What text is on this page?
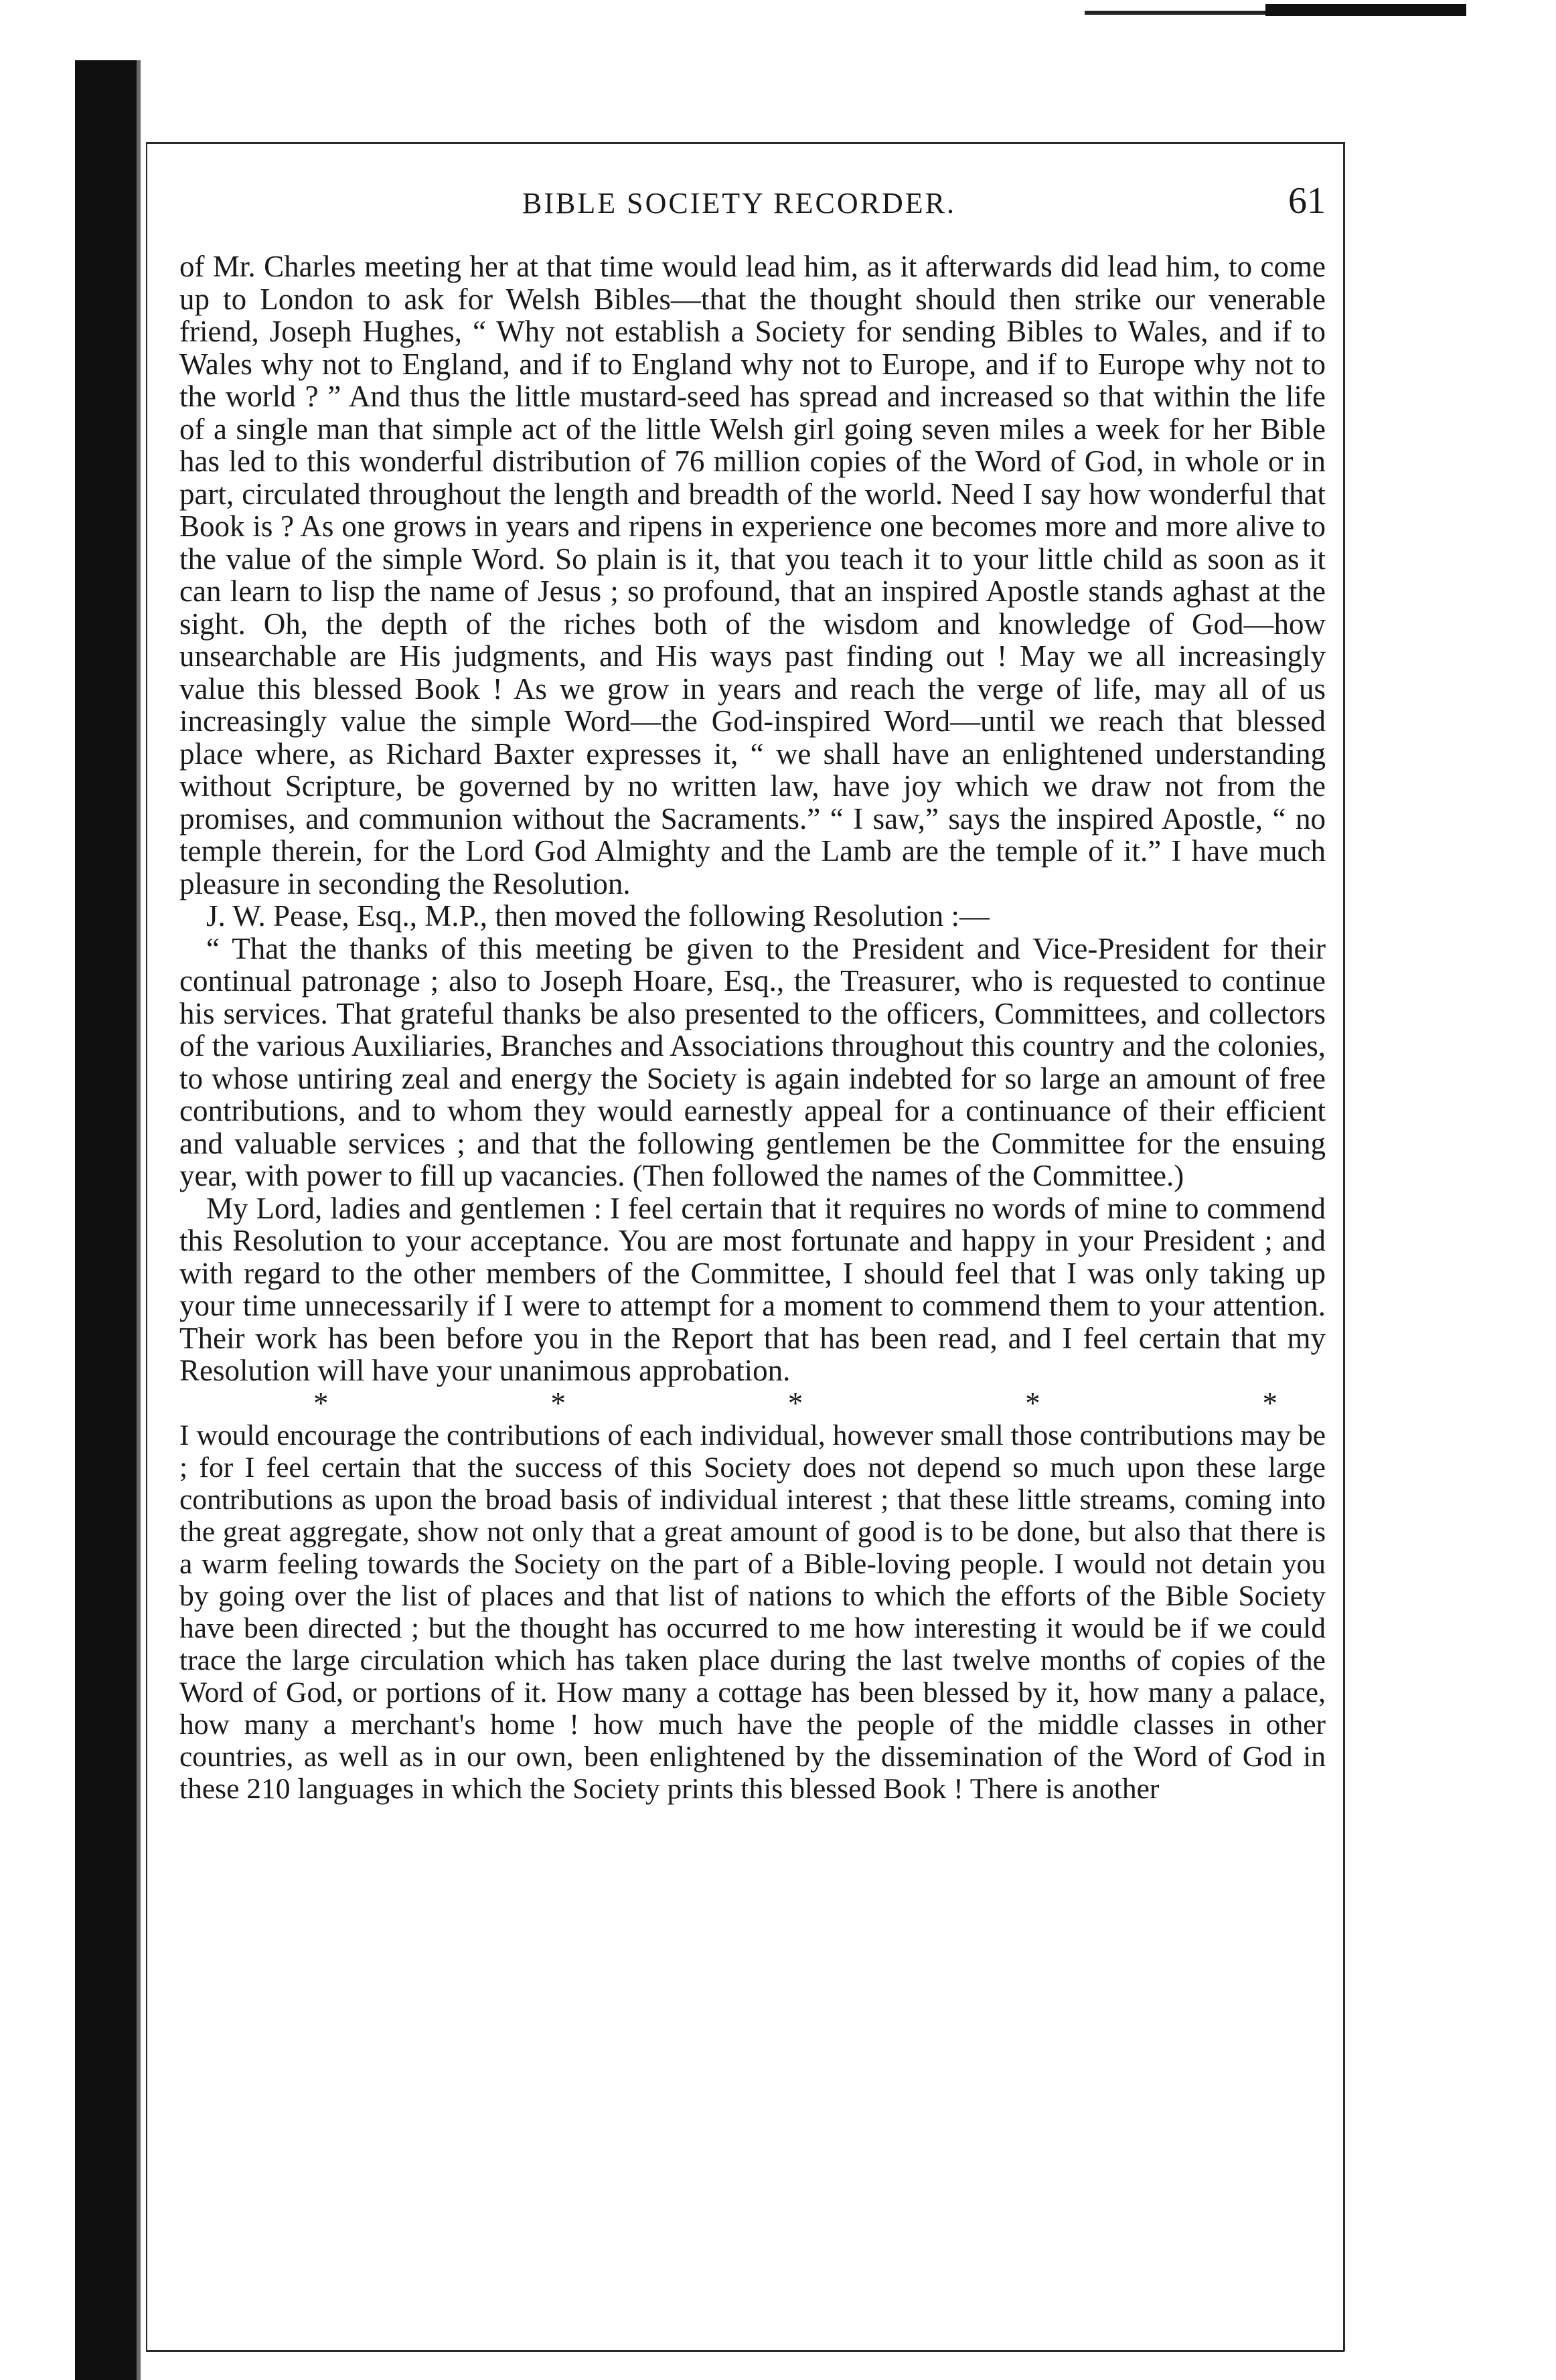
BIBLE SOCIETY RECORDER.	61

of Mr. Charles meeting her at that time would lead him, as it afterwards did lead him, to come up to London to ask for Welsh Bibles—that the thought should then strike our venerable friend, Joseph Hughes, “ Why not establish a Society for sending Bibles to Wales, and if to Wales why not to England, and if to England why not to Europe, and if to Europe why not to the world ? ” And thus the little mustard-seed has spread and increased so that within the life of a single man that simple act of the little Welsh girl going seven miles a week for her Bible has led to this wonderful distribution of 76 million copies of the Word of God, in whole or in part, circulated throughout the length and breadth of the world. Need I say how wonderful that Book is ? As one grows in years and ripens in experience one becomes more and more alive to the value of the simple Word. So plain is it, that you teach it to your little child as soon as it can learn to lisp the name of Jesus ; so profound, that an inspired Apostle stands aghast at the sight. Oh, the depth of the riches both of the wisdom and knowledge of God—how unsearchable are His judgments, and His ways past finding out ! May we all increasingly value this blessed Book ! As we grow in years and reach the verge of life, may all of us increasingly value the simple Word—the God-inspired Word—until we reach that blessed place where, as Richard Baxter expresses it, “ we shall have an enlightened understanding without Scripture, be governed by no written law, have joy which we draw not from the promises, and communion without the Sacraments.” “ I saw,” says the inspired Apostle, “ no temple therein, for the Lord God Almighty and the Lamb are the temple of it.” I have much pleasure in seconding the Resolution.

J. W. Pease, Esq., M.P., then moved the following Resolution :—

“ That the thanks of this meeting be given to the President and Vice-President for their continual patronage ; also to Joseph Hoare, Esq., the Treasurer, who is requested to continue his services. That grateful thanks be also presented to the officers, Committees, and collectors of the various Auxiliaries, Branches and Associations throughout this country and the colonies, to whose untiring zeal and energy the Society is again indebted for so large an amount of free contributions, and to whom they would earnestly appeal for a continuance of their efficient and valuable services ; and that the following gentlemen be the Committee for the ensuing year, with power to fill up vacancies. (Then followed the names of the Committee.)

My Lord, ladies and gentlemen : I feel certain that it requires no words of mine to commend this Resolution to your acceptance. You are most fortunate and happy in your President ; and with regard to the other members of the Committee, I should feel that I was only taking up your time unnecessarily if I were to attempt for a moment to commend them to your attention. Their work has been before you in the Report that has been read, and I feel certain that my Resolution will have your unanimous approbation.

*	*	*	*	*

I would encourage the contributions of each individual, however small those contributions may be ; for I feel certain that the success of this Society does not depend so much upon these large contributions as upon the broad basis of individual interest ; that these little streams, coming into the great aggregate, show not only that a great amount of good is to be done, but also that there is a warm feeling towards the Society on the part of a Bible-loving people. I would not detain you by going over the list of places and that list of nations to which the efforts of the Bible Society have been directed ; but the thought has occurred to me how interesting it would be if we could trace the large circulation which has taken place during the last twelve months of copies of the Word of God, or portions of it. How many a cottage has been blessed by it, how many a palace, how many a merchant's home ! how much have the people of the middle classes in other countries, as well as in our own, been enlightened by the dissemination of the Word of God in these 210 languages in which the Society prints this blessed Book ! There is another
